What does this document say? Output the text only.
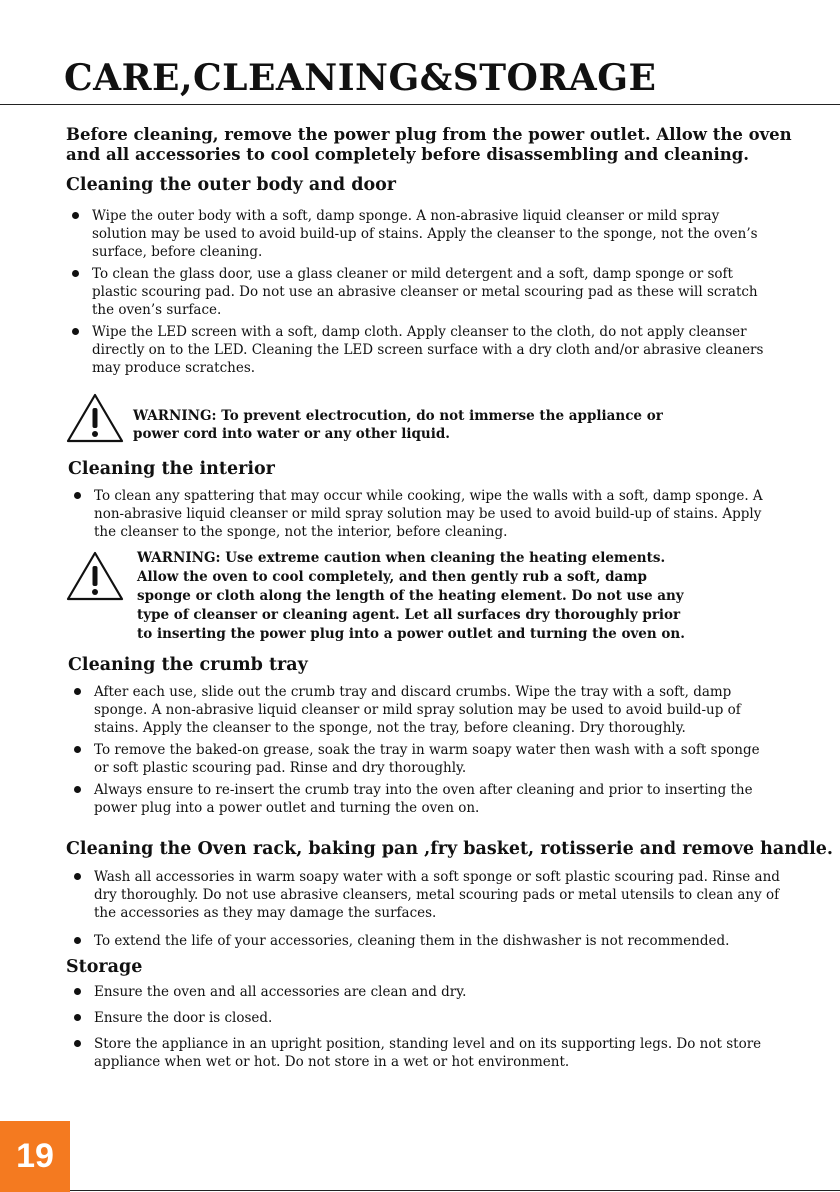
CARE,CLEANING&STORAGE

Before cleaning, remove the power plug from the power outlet. Allow the oven and all accessories to cool completely before disassembling and cleaning.

Cleaning the outer body and door
Wipe the outer body with a soft, damp sponge. A non-abrasive liquid cleanser or mild spray solution may be used to avoid build-up of stains. Apply the cleanser to the sponge, not the oven’s surface, before cleaning.
To clean the glass door, use a glass cleaner or mild detergent and a soft, damp sponge or soft plastic scouring pad. Do not use an abrasive cleanser or metal scouring pad as these will scratch the oven’s surface.
Wipe the LED screen with a soft, damp cloth. Apply cleanser to the cloth, do not apply cleanser directly on to the LED. Cleaning the LED screen surface with a dry cloth and/or abrasive cleaners may produce scratches.

WARNING: To prevent electrocution, do not immerse the appliance or

power cord into water or any other liquid.

Cleaning the interior
To clean any spattering that may occur while cooking, wipe the walls with a soft, damp sponge. A non-abrasive liquid cleanser or mild spray solution may be used to avoid build-up of stains. Apply the cleanser to the sponge, not the interior, before cleaning.

WARNING: Use extreme caution when cleaning the heating elements.

Allow the oven to cool completely, and then gently rub a soft, damp

sponge or cloth along the length of the heating element. Do not use any

type of cleanser or cleaning agent. Let all surfaces dry thoroughly prior

to inserting the power plug into a power outlet and turning the oven on.

Cleaning the crumb tray
After each use, slide out the crumb tray and discard crumbs. Wipe the tray with a soft, damp sponge. A non-abrasive liquid cleanser or mild spray solution may be used to avoid build-up of stains. Apply the cleanser to the sponge, not the tray, before cleaning. Dry thoroughly.
To remove the baked-on grease, soak the tray in warm soapy water then wash with a soft sponge or soft plastic scouring pad. Rinse and dry thoroughly.
Always ensure to re-insert the crumb tray into the oven after cleaning and prior to inserting the power plug into a power outlet and turning the oven on.
Cleaning the Oven rack, baking pan ,fry basket, rotisserie and remove handle.
Wash all accessories in warm soapy water with a soft sponge or soft plastic scouring pad. Rinse and dry thoroughly. Do not use abrasive cleansers, metal scouring pads or metal utensils to clean any of the accessories as they may damage the surfaces.
To extend the life of your accessories, cleaning them in the dishwasher is not recommended.
Storage
Ensure the oven and all accessories are clean and dry.
Ensure the door is closed.
Store the appliance in an upright position, standing level and on its supporting legs. Do not store appliance when wet or hot. Do not store in a wet or hot environment.
19
